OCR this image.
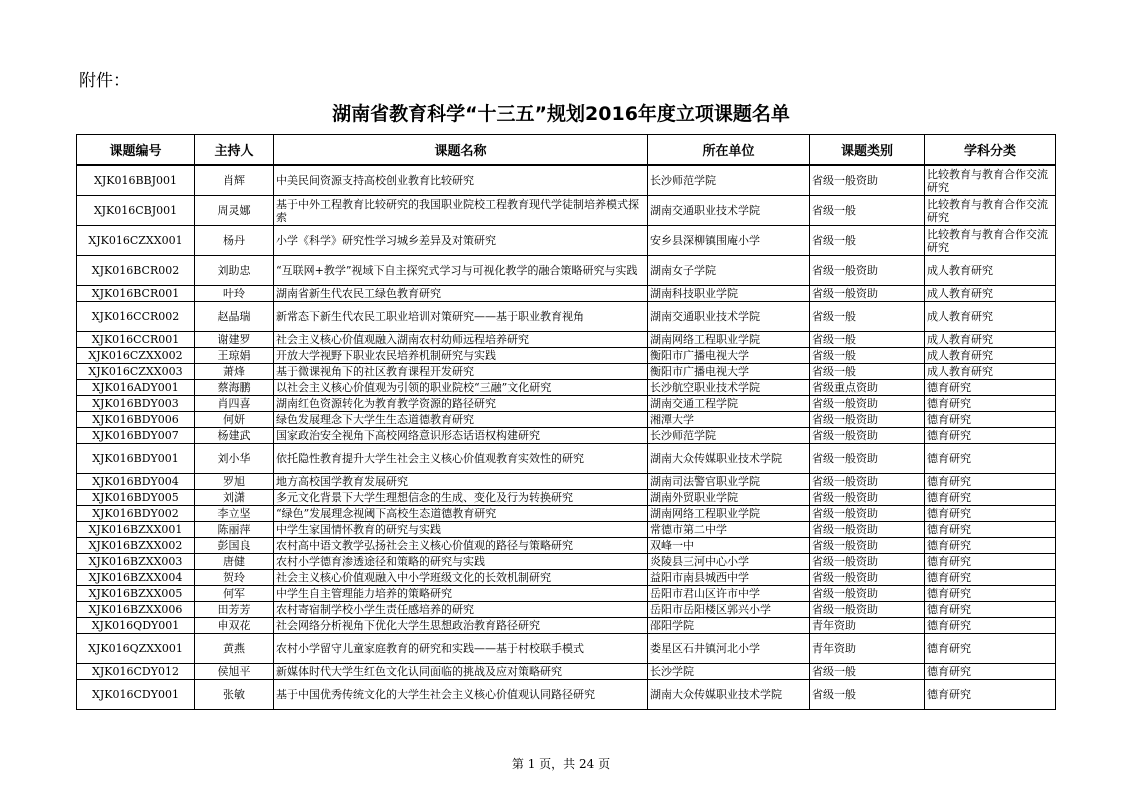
附件：
湖南省教育科学“十三五”规划2016年度立项课题名单
课题编号	主持人	课题名称	所在单位	课题类别	学科分类

XJK016BBJ001	肖辉	中美民间资源支持高校创业教育比较研究	长沙师范学院	省级一般资助	比较教育与教育合作交流研究

XJK016CBJ001	周灵娜	基于中外工程教育比较研究的我国职业院校工程教育现代学徒制培养模式探索	湖南交通职业技术学院	省级一般	比较教育与教育合作交流研究

XJK016CZXX001	杨丹	小学《科学》研究性学习城乡差异及对策研究	安乡县深柳镇围庵小学	省级一般	比较教育与教育合作交流研究

XJK016BCR002	刘助忠	“互联网+教学”视域下自主探究式学习与可视化教学的融合策略研究与实践	湖南女子学院	省级一般资助	成人教育研究

XJK016BCR001	叶玲	湖南省新生代农民工绿色教育研究	湖南科技职业学院	省级一般资助	成人教育研究

XJK016CCR002	赵晶瑞	新常态下新生代农民工职业培训对策研究——基于职业教育视角	湖南交通职业技术学院	省级一般	成人教育研究

XJK016CCR001	谢建罗	社会主义核心价值观融入湖南农村幼师远程培养研究	湖南网络工程职业学院	省级一般	成人教育研究

XJK016CZXX002	王琼娟	开放大学视野下职业农民培养机制研究与实践	衡阳市广播电视大学	省级一般	成人教育研究

XJK016CZXX003	萧烽	基于微课视角下的社区教育课程开发研究	衡阳市广播电视大学	省级一般	成人教育研究

XJK016ADY001	蔡海鹏	以社会主义核心价值观为引领的职业院校“三融”文化研究	长沙航空职业技术学院	省级重点资助	德育研究

XJK016BDY003	肖四喜	湖南红色资源转化为教育教学资源的路径研究	湖南交通工程学院	省级一般资助	德育研究

XJK016BDY006	何妍	绿色发展理念下大学生生态道德教育研究	湘潭大学	省级一般资助	德育研究

XJK016BDY007	杨建武	国家政治安全视角下高校网络意识形态话语权构建研究	长沙师范学院	省级一般资助	德育研究

XJK016BDY001	刘小华	依托隐性教育提升大学生社会主义核心价值观教育实效性的研究	湖南大众传媒职业技术学院	省级一般资助	德育研究

XJK016BDY004	罗旭	地方高校国学教育发展研究	湖南司法警官职业学院	省级一般资助	德育研究

XJK016BDY005	刘潇	多元文化背景下大学生理想信念的生成、变化及行为转换研究	湖南外贸职业学院	省级一般资助	德育研究

XJK016BDY002	李立坚	“绿色”发展理念视阈下高校生态道德教育研究	湖南网络工程职业学院	省级一般资助	德育研究

XJK016BZXX001	陈丽萍	中学生家国情怀教育的研究与实践	常德市第二中学	省级一般资助	德育研究

XJK016BZXX002	彭国良	农村高中语文教学弘扬社会主义核心价值观的路径与策略研究	双峰一中	省级一般资助	德育研究

XJK016BZXX003	唐健	农村小学德育渗透途径和策略的研究与实践	炎陵县三河中心小学	省级一般资助	德育研究

XJK016BZXX004	贺玲	社会主义核心价值观融入中小学班级文化的长效机制研究	益阳市南县城西中学	省级一般资助	德育研究

XJK016BZXX005	何军	中学生自主管理能力培养的策略研究	岳阳市君山区许市中学	省级一般资助	德育研究

XJK016BZXX006	田芳芳	农村寄宿制学校小学生责任感培养的研究	岳阳市岳阳楼区郭兴小学	省级一般资助	德育研究

XJK016QDY001	申双花	社会网络分析视角下优化大学生思想政治教育路径研究	邵阳学院	青年资助	德育研究

XJK016QZXX001	黄燕	农村小学留守儿童家庭教育的研究和实践——基于村校联手模式	娄星区石井镇河北小学	青年资助	德育研究

XJK016CDY012	侯旭平	新媒体时代大学生红色文化认同面临的挑战及应对策略研究	长沙学院	省级一般	德育研究

XJK016CDY001	张敏	基于中国优秀传统文化的大学生社会主义核心价值观认同路径研究	湖南大众传媒职业技术学院	省级一般	德育研究
第 1 页，共 24 页
